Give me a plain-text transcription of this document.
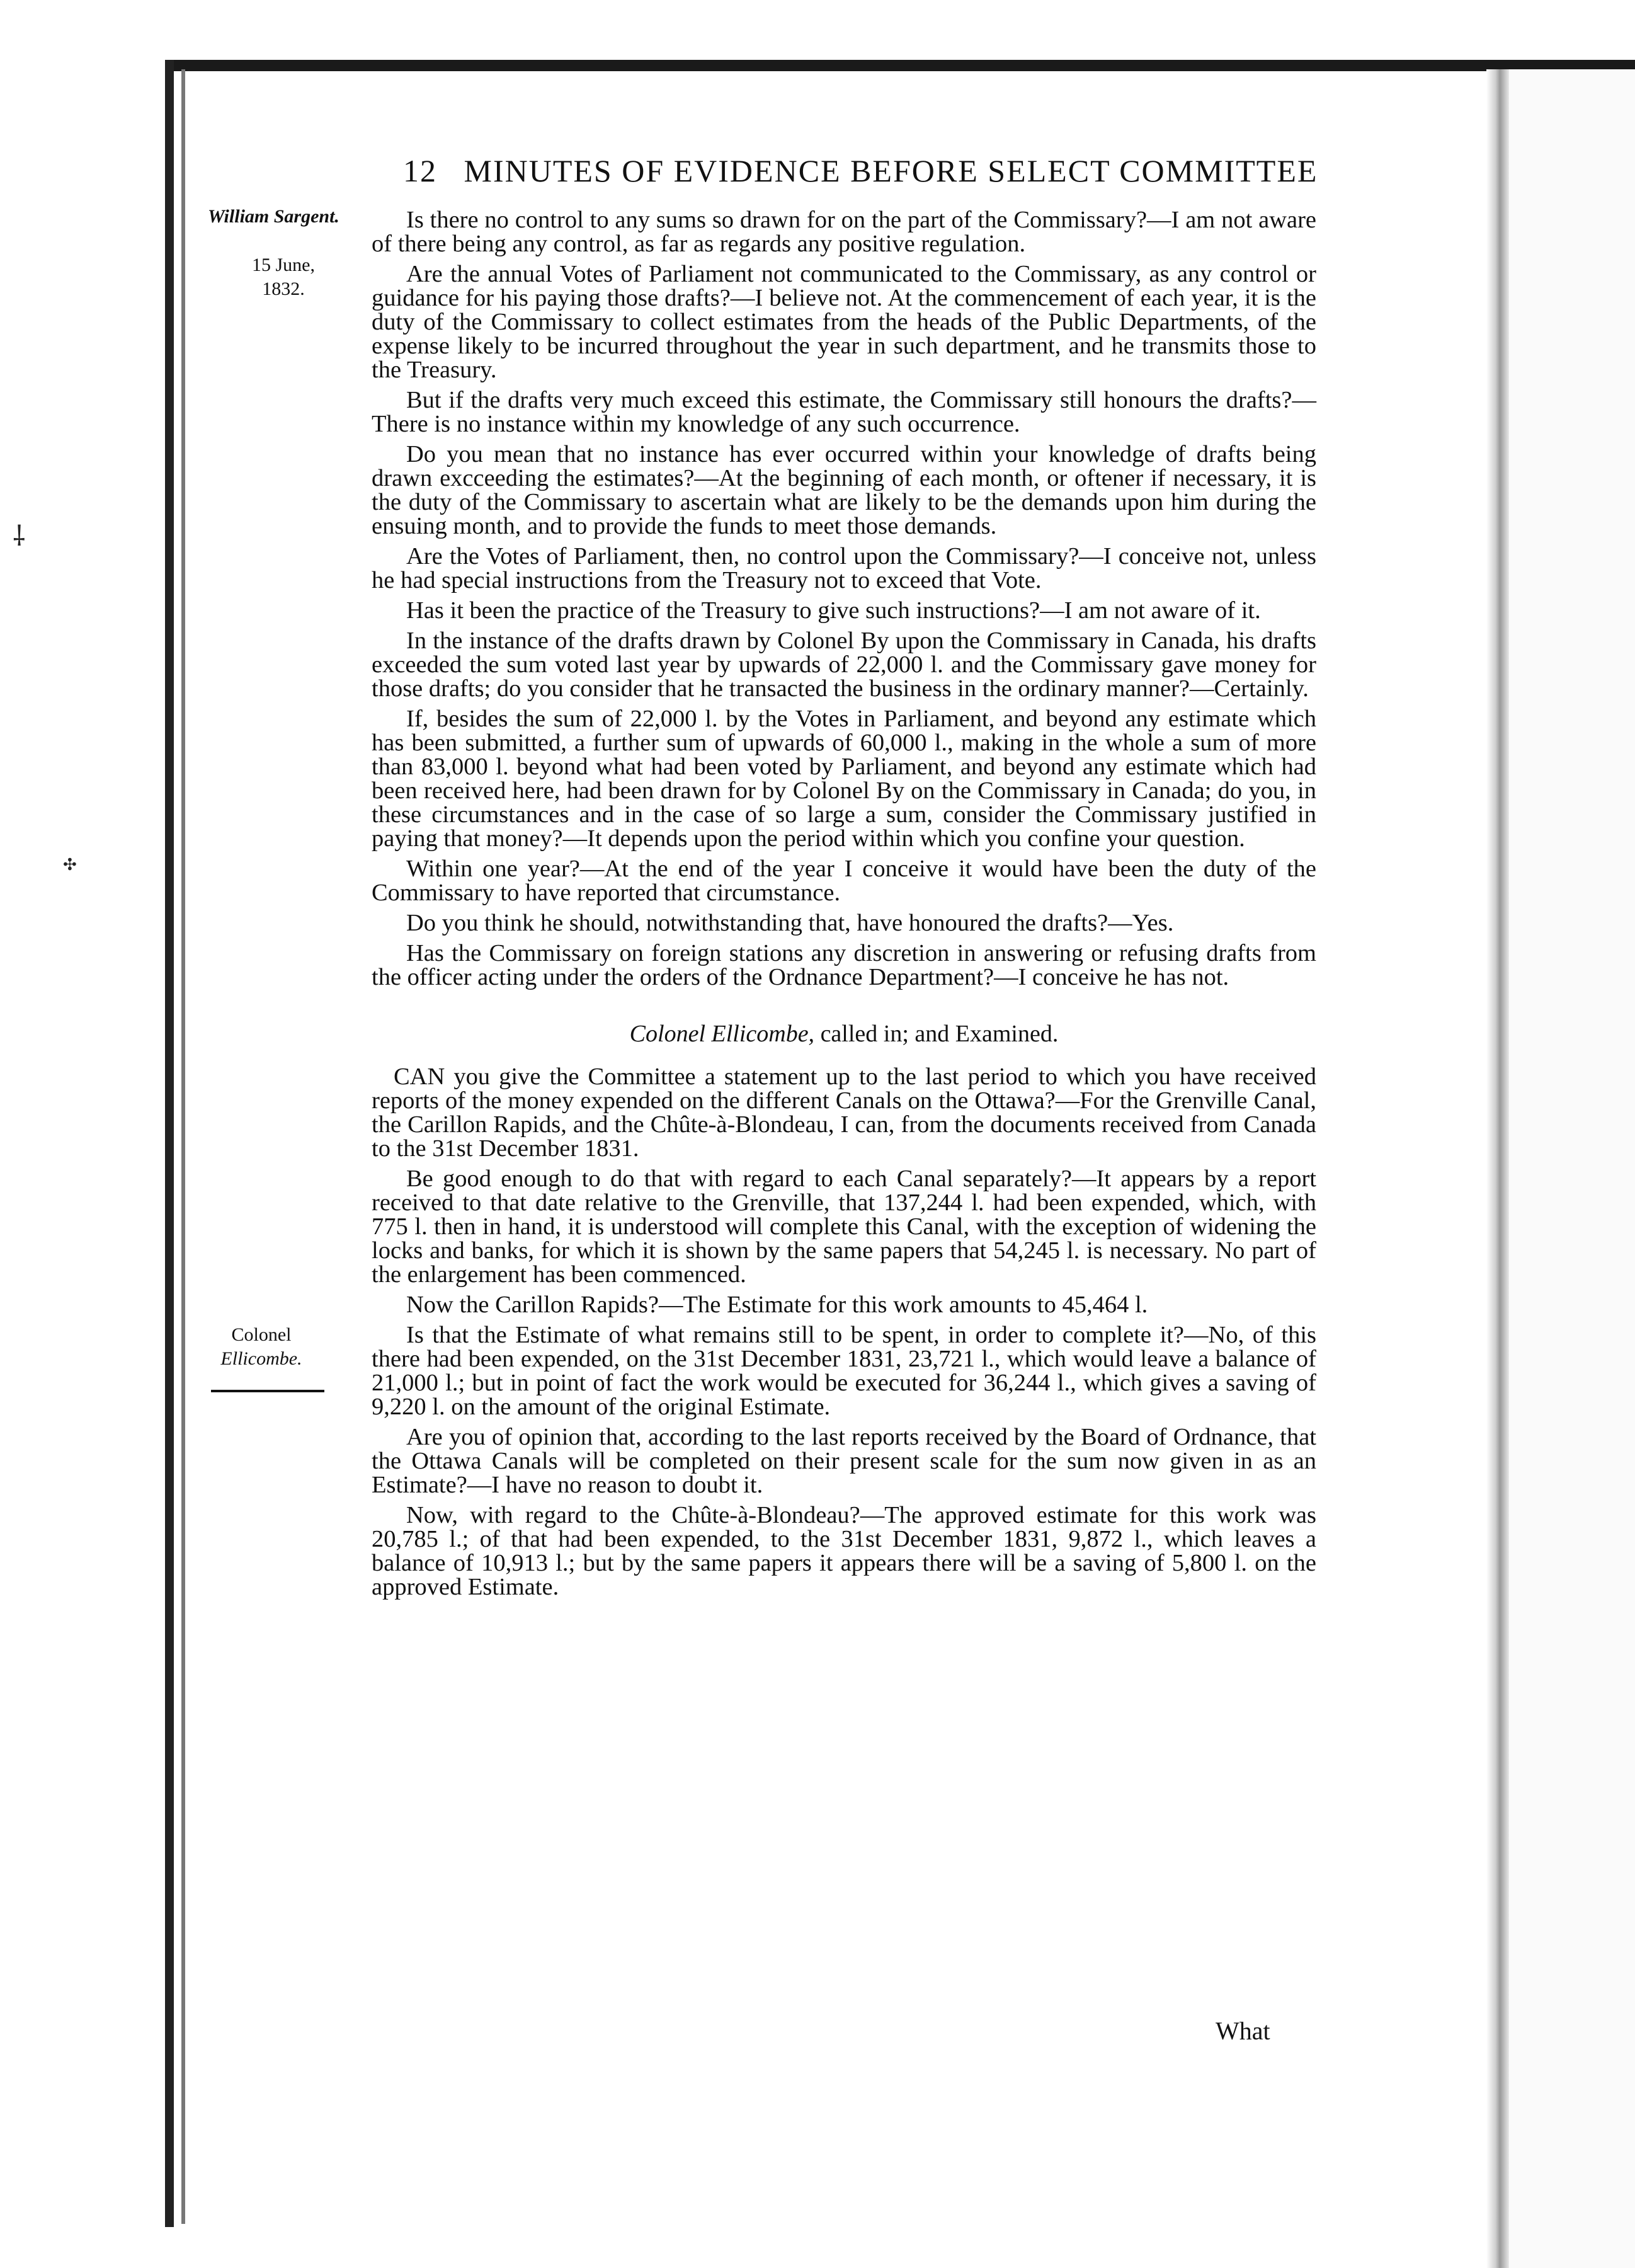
⸸
✣
12 MINUTES OF EVIDENCE BEFORE SELECT COMMITTEE
William Sargent.
15 June,
1832.
Colonel
Ellicombe.

Is there no control to any sums so drawn for on the part of the Commissary?—I am not aware of there being any control, as far as regards any positive regulation.

Are the annual Votes of Parliament not communicated to the Commissary, as any control or guidance for his paying those drafts?—I believe not. At the commencement of each year, it is the duty of the Commissary to collect estimates from the heads of the Public Departments, of the expense likely to be incurred throughout the year in such department, and he transmits those to the Treasury.

But if the drafts very much exceed this estimate, the Commissary still honours the drafts?—There is no instance within my knowledge of any such occurrence.

Do you mean that no instance has ever occurred within your knowledge of drafts being drawn excceeding the estimates?—At the beginning of each month, or oftener if necessary, it is the duty of the Commissary to ascertain what are likely to be the demands upon him during the ensuing month, and to provide the funds to meet those demands.

Are the Votes of Parliament, then, no control upon the Commissary?—I conceive not, unless he had special instructions from the Treasury not to exceed that Vote.

Has it been the practice of the Treasury to give such instructions?—I am not aware of it.

In the instance of the drafts drawn by Colonel By upon the Commissary in Canada, his drafts exceeded the sum voted last year by upwards of 22,000 l. and the Commissary gave money for those drafts; do you consider that he transacted the business in the ordinary manner?—Certainly.

If, besides the sum of 22,000 l. by the Votes in Parliament, and beyond any estimate which has been submitted, a further sum of upwards of 60,000 l., making in the whole a sum of more than 83,000 l. beyond what had been voted by Parliament, and beyond any estimate which had been received here, had been drawn for by Colonel By on the Commissary in Canada; do you, in these circumstances and in the case of so large a sum, consider the Commissary justified in paying that money?—It depends upon the period within which you confine your question.

Within one year?—At the end of the year I conceive it would have been the duty of the Commissary to have reported that circumstance.

Do you think he should, notwithstanding that, have honoured the drafts?—Yes.

Has the Commissary on foreign stations any discretion in answering or refusing drafts from the officer acting under the orders of the Ordnance Department?—I conceive he has not.

Colonel Ellicombe, called in; and Examined.

CAN you give the Committee a statement up to the last period to which you have received reports of the money expended on the different Canals on the Ottawa?—For the Grenville Canal, the Carillon Rapids, and the Chûte-à-Blondeau, I can, from the documents received from Canada to the 31st December 1831.

Be good enough to do that with regard to each Canal separately?—It appears by a report received to that date relative to the Grenville, that 137,244 l. had been expended, which, with 775 l. then in hand, it is understood will complete this Canal, with the exception of widening the locks and banks, for which it is shown by the same papers that 54,245 l. is necessary. No part of the enlargement has been commenced.

Now the Carillon Rapids?—The Estimate for this work amounts to 45,464 l.

Is that the Estimate of what remains still to be spent, in order to complete it?—No, of this there had been expended, on the 31st December 1831, 23,721 l., which would leave a balance of 21,000 l.; but in point of fact the work would be executed for 36,244 l., which gives a saving of 9,220 l. on the amount of the original Estimate.

Are you of opinion that, according to the last reports received by the Board of Ordnance, that the Ottawa Canals will be completed on their present scale for the sum now given in as an Estimate?—I have no reason to doubt it.

Now, with regard to the Chûte-à-Blondeau?—The approved estimate for this work was 20,785 l.; of that had been expended, to the 31st December 1831, 9,872 l., which leaves a balance of 10,913 l.; but by the same papers it appears there will be a saving of 5,800 l. on the approved Estimate.

What
